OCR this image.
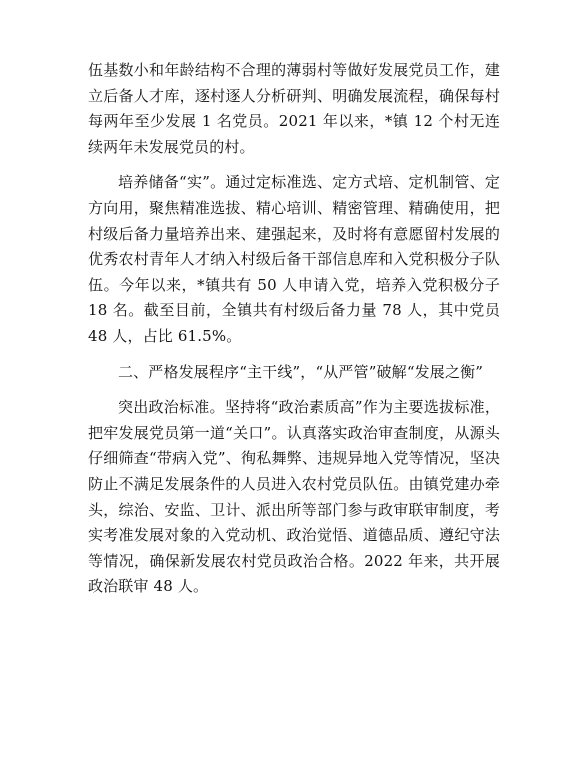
伍基数小和年龄结构不合理的薄弱村等做好发展党员工作，建立后备人才库，逐村逐人分析研判、明确发展流程，确保每村每两年至少发展 1 名党员。2021 年以来，*镇 12 个村无连续两年未发展党员的村。

培养储备“实”。通过定标准选、定方式培、定机制管、定方向用，聚焦精准选拔、精心培训、精密管理、精确使用，把村级后备力量培养出来、建强起来，及时将有意愿留村发展的优秀农村青年人才纳入村级后备干部信息库和入党积极分子队伍。今年以来，*镇共有 50 人申请入党，培养入党积极分子 18 名。截至目前，全镇共有村级后备力量 78 人，其中党员 48 人，占比 61.5%。

二、严格发展程序“主干线”，“从严管”破解“发展之衡”

突出政治标准。坚持将“政治素质高”作为主要选拔标准，把牢发展党员第一道“关口”。认真落实政治审查制度，从源头仔细筛查“带病入党”、徇私舞弊、违规异地入党等情况，坚决防止不满足发展条件的人员进入农村党员队伍。由镇党建办牵头，综治、安监、卫计、派出所等部门参与政审联审制度，考实考准发展对象的入党动机、政治觉悟、道德品质、遵纪守法等情况，确保新发展农村党员政治合格。2022 年来，共开展政治联审 48 人。
